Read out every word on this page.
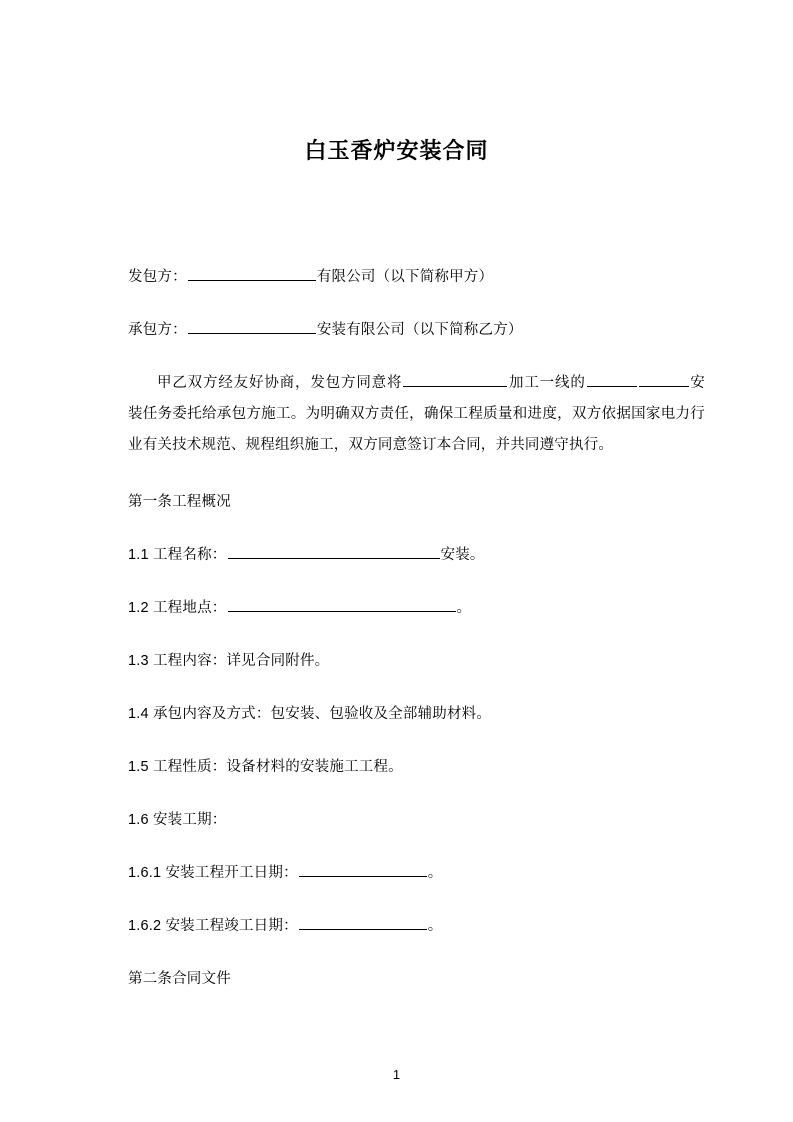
白玉香炉安装合同

发包方：	有限公司（以下简称甲方）

承包方：	安装有限公司（以下简称乙方）

甲乙双方经友好协商，发包方同意将	加工一线的	安装任务委托给承包方施工。为明确双方责任，确保工程质量和进度，双方依据国家电力行业有关技术规范、规程组织施工，双方同意签订本合同，并共同遵守执行。

第一条工程概况

1.1 工程名称：	安装。

1.2 工程地点：	。

1.3 工程内容：详见合同附件。

1.4 承包内容及方式：包安装、包验收及全部辅助材料。

1.5 工程性质：设备材料的安装施工工程。

1.6 安装工期：

1.6.1 安装工程开工日期：	。

1.6.2 安装工程竣工日期：	。

第二条合同文件

1
